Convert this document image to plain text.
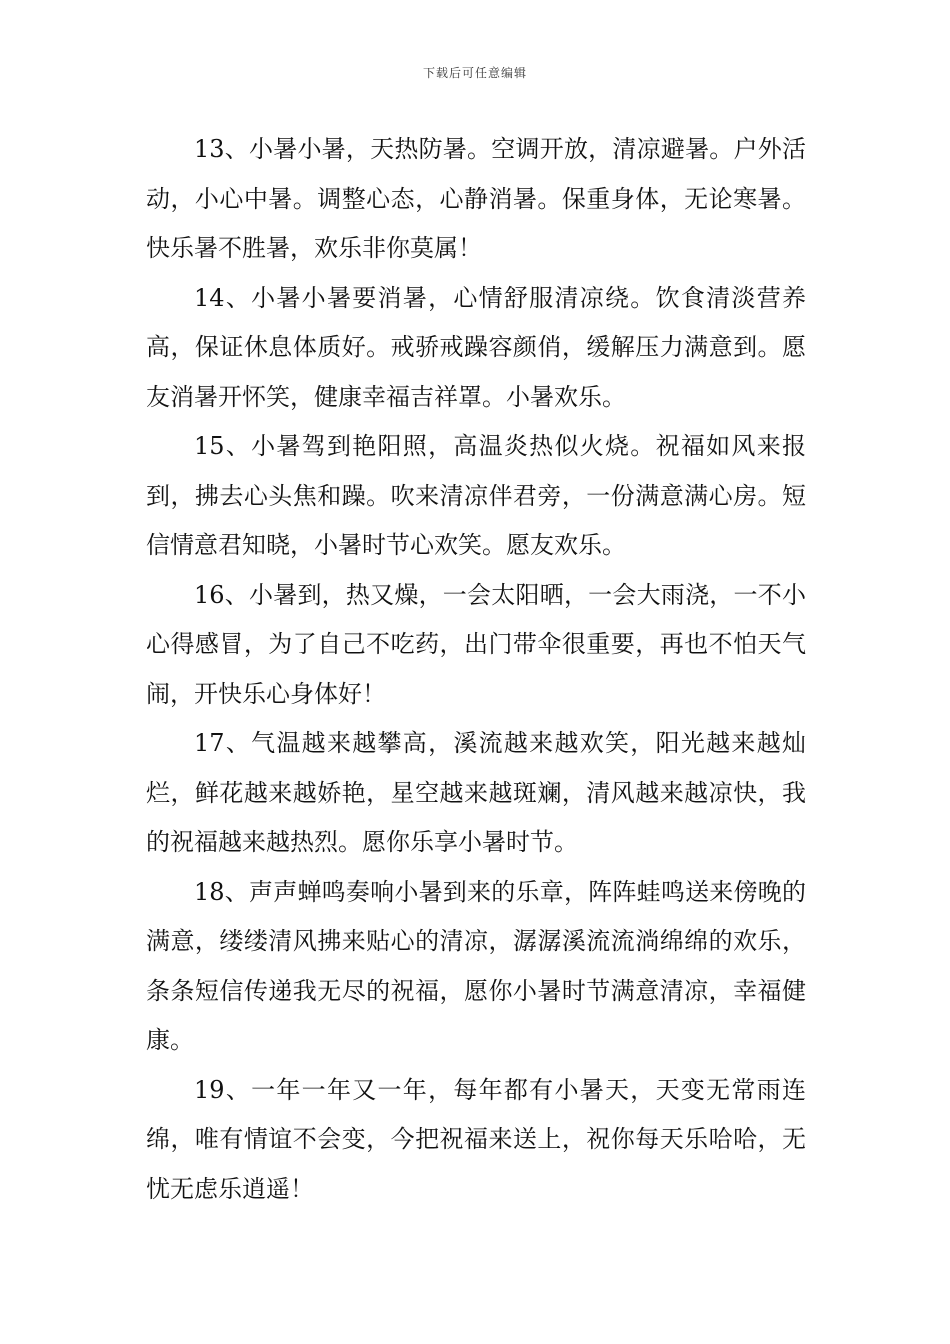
下载后可任意编辑

13、小暑小暑，天热防暑。空调开放，清凉避暑。户外活动，小心中暑。调整心态，心静消暑。保重身体，无论寒暑。快乐暑不胜暑，欢乐非你莫属！

14、小暑小暑要消暑，心情舒服清凉绕。饮食清淡营养高，保证休息体质好。戒骄戒躁容颜俏，缓解压力满意到。愿友消暑开怀笑，健康幸福吉祥罩。小暑欢乐。

15、小暑驾到艳阳照，高温炎热似火烧。祝福如风来报到，拂去心头焦和躁。吹来清凉伴君旁，一份满意满心房。短信情意君知晓，小暑时节心欢笑。愿友欢乐。

16、小暑到，热又燥，一会太阳晒，一会大雨浇，一不小心得感冒，为了自己不吃药，出门带伞很重要，再也不怕天气闹，开快乐心身体好！

17、气温越来越攀高，溪流越来越欢笑，阳光越来越灿烂，鲜花越来越娇艳，星空越来越斑斓，清风越来越凉快，我的祝福越来越热烈。愿你乐享小暑时节。

18、声声蝉鸣奏响小暑到来的乐章，阵阵蛙鸣送来傍晚的满意，缕缕清风拂来贴心的清凉，潺潺溪流流淌绵绵的欢乐，条条短信传递我无尽的祝福，愿你小暑时节满意清凉，幸福健康。

19、一年一年又一年，每年都有小暑天，天变无常雨连绵，唯有情谊不会变，今把祝福来送上，祝你每天乐哈哈，无忧无虑乐逍遥！
